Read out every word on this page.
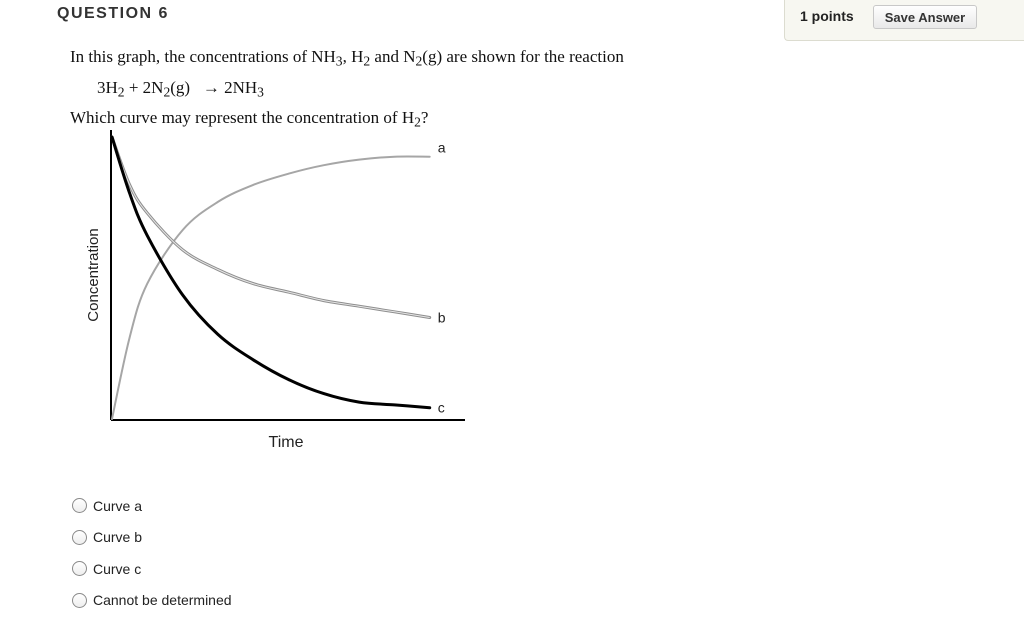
QUESTION 6	1 points	Save Answer
In this graph, the concentrations of $NH_3$, $H_2$ and $N_2(g)$ are shown for the reaction
$3H_2 + 2N_2(g) \to 2NH_3$
Which curve may represent the concentration of $H_2$?
a
b
c
Time
Concentration
Curve a
Curve b
Curve c
Cannot be determined
